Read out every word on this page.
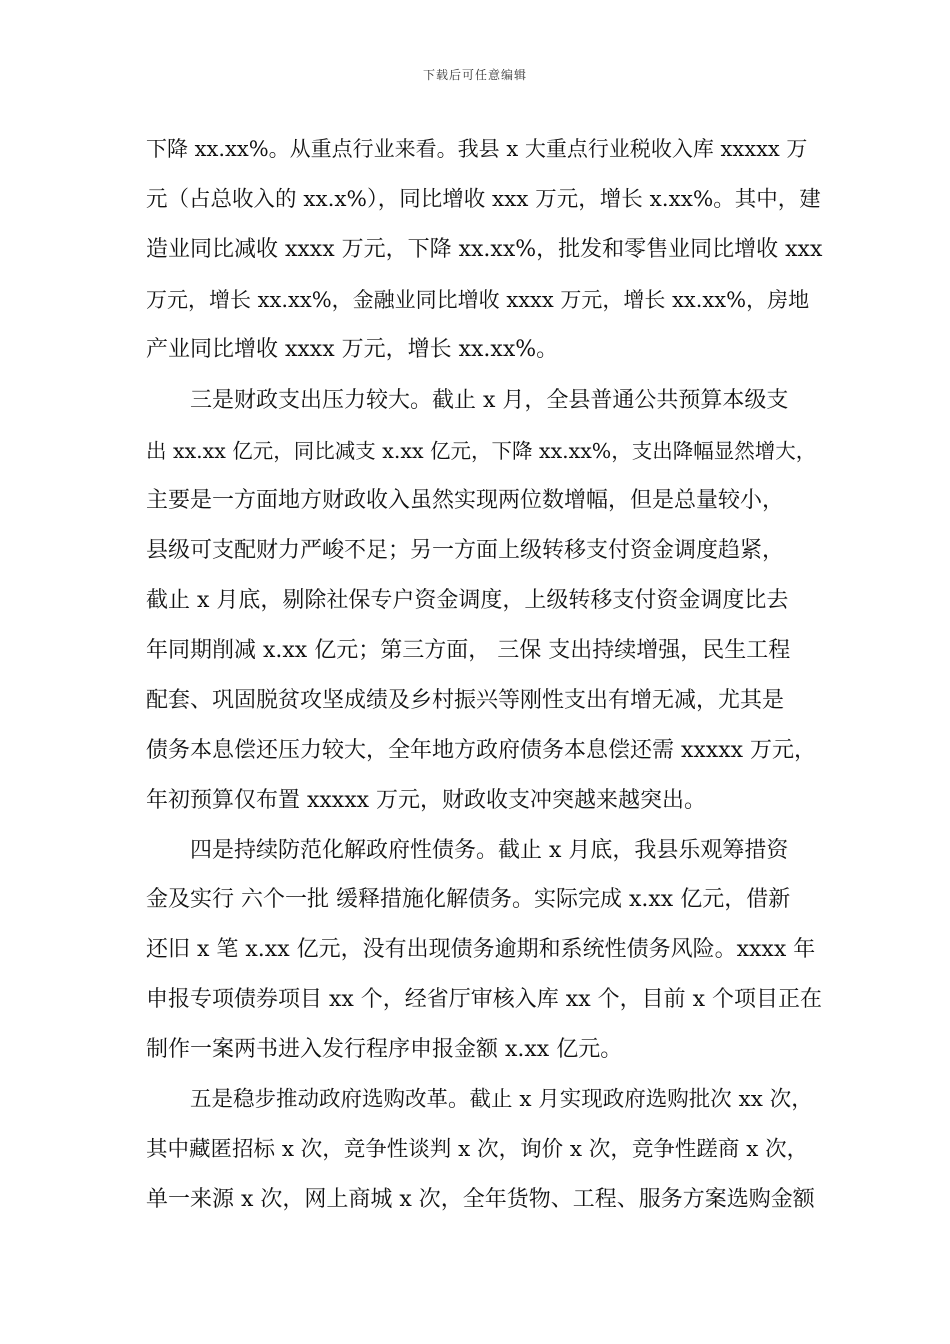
下载后可任意编辑
下降 xx.xx%。从重点行业来看。我县 x 大重点行业税收入库 xxxxx 万
元（占总收入的 xx.x%），同比增收 xxx 万元，增长 x.xx%。其中，建
造业同比减收 xxxx 万元，下降 xx.xx%，批发和零售业同比增收 xxx
万元，增长 xx.xx%，金融业同比增收 xxxx 万元，增长 xx.xx%，房地
产业同比增收 xxxx 万元，增长 xx.xx%。
三是财政支出压力较大。截止 x 月，全县普通公共预算本级支
出 xx.xx 亿元，同比减支 x.xx 亿元，下降 xx.xx%，支出降幅显然增大，
主要是一方面地方财政收入虽然实现两位数增幅，但是总量较小，
县级可支配财力严峻不足；另一方面上级转移支付资金调度趋紧，
截止 x 月底，剔除社保专户资金调度，上级转移支付资金调度比去
年同期削减 x.xx 亿元；第三方面， 三保 支出持续增强，民生工程
配套、巩固脱贫攻坚成绩及乡村振兴等刚性支出有增无减，尤其是
债务本息偿还压力较大，全年地方政府债务本息偿还需 xxxxx 万元，
年初预算仅布置 xxxxx 万元，财政收支冲突越来越突出。
四是持续防范化解政府性债务。截止 x 月底，我县乐观筹措资
金及实行 六个一批 缓释措施化解债务。实际完成 x.xx 亿元，借新
还旧 x 笔 x.xx 亿元，没有出现债务逾期和系统性债务风险。xxxx 年
申报专项债券项目 xx 个，经省厅审核入库 xx 个，目前 x 个项目正在
制作一案两书进入发行程序申报金额 x.xx 亿元。
五是稳步推动政府选购改革。截止 x 月实现政府选购批次 xx 次，
其中藏匿招标 x 次，竞争性谈判 x 次，询价 x 次，竞争性蹉商 x 次，
单一来源 x 次，网上商城 x 次，全年货物、工程、服务方案选购金额
